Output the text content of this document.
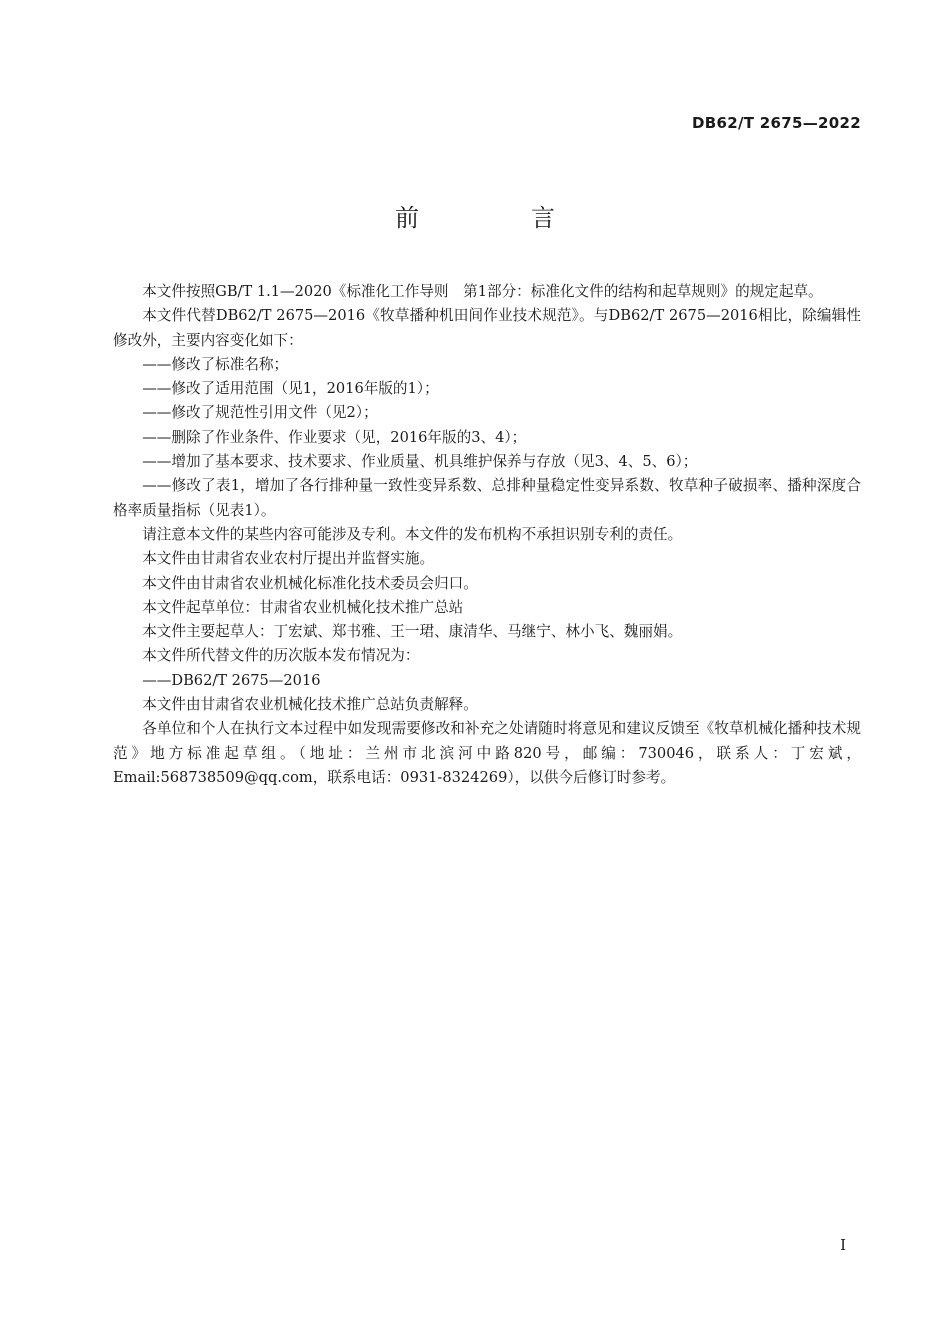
DB62/T 2675—2022
前　言

本文件按照GB/T 1.1—2020《标准化工作导则　第1部分：标准化文件的结构和起草规则》的规定起草。

本文件代替DB62/T 2675—2016《牧草播种机田间作业技术规范》。与DB62/T 2675—2016相比，除编辑性修改外，主要内容变化如下：

——修改了标准名称；

——修改了适用范围（见1，2016年版的1）；

——修改了规范性引用文件（见2）；

——删除了作业条件、作业要求（见，2016年版的3、4）；

——增加了基本要求、技术要求、作业质量、机具维护保养与存放（见3、4、5、6）；

——修改了表1，增加了各行排种量一致性变异系数、总排种量稳定性变异系数、牧草种子破损率、播种深度合格率质量指标（见表1）。

请注意本文件的某些内容可能涉及专利。本文件的发布机构不承担识别专利的责任。

本文件由甘肃省农业农村厅提出并监督实施。

本文件由甘肃省农业机械化标准化技术委员会归口。

本文件起草单位：甘肃省农业机械化技术推广总站

本文件主要起草人：丁宏斌、郑书雅、王一珺、康清华、马继宁、林小飞、魏丽娟。

本文件所代替文件的历次版本发布情况为：

——DB62/T 2675—2016

本文件由甘肃省农业机械化技术推广总站负责解释。

各单位和个人在执行文本过程中如发现需要修改和补充之处请随时将意见和建议反馈至《牧草机械化播种技术规范》地方标准起草组。（地址：兰州市北滨河中路820号，邮编：730046，联系人：丁宏斌，Email:568738509@qq.com，联系电话：0931-8324269），以供今后修订时参考。

I
